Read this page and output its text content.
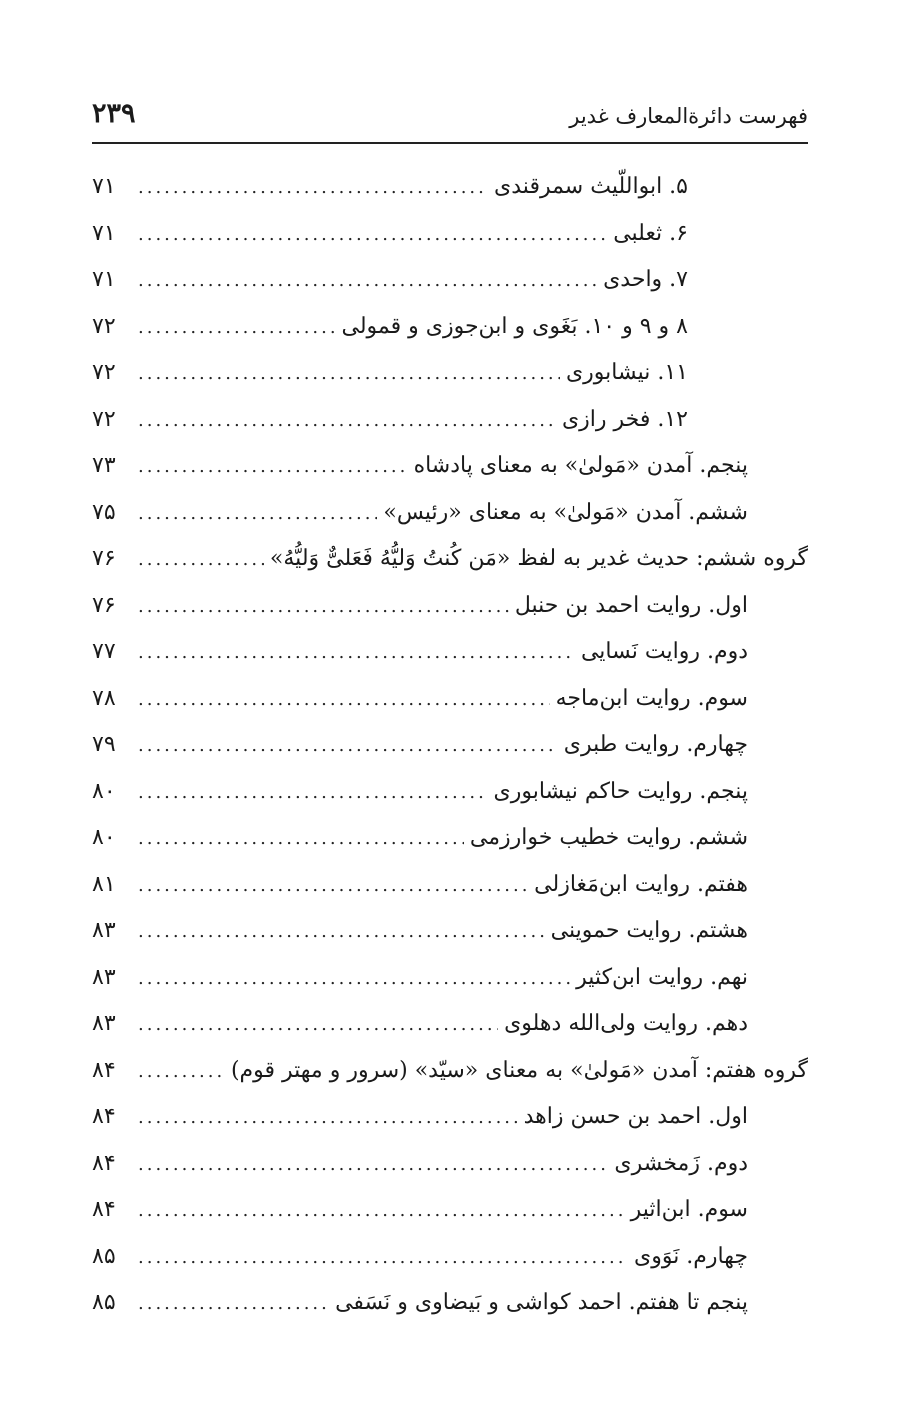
فهرست دائرةالمعارف غدیر
۲۳۹
۵. ابواللّیث سمرقندی
.....
۷۱
۶. ثعلبی
.....
۷۱
۷. واحدی
.....
۷۱
۸ و ۹ و ۱۰. بَغَوی و ابن‌جوزی و قمولی
.....
۷۲
۱۱. نیشابوری
.....
۷۲
۱۲. فخر رازی
.....
۷۲
پنجم. آمدن «مَولیٰ» به معنای پادشاه
.....
۷۳
ششم. آمدن «مَولیٰ» به معنای «رئیس»
.....
۷۵
گروه ششم: حدیث غدیر به لفظ «مَن کُنتُ وَلیُّهُ فَعَلیٌّ وَلیُّهُ»
.....
۷۶
اول. روایت احمد بن حنبل
.....
۷۶
دوم. روایت نَسایی
.....
۷۷
سوم. روایت ابن‌ماجه
.....
۷۸
چهارم. روایت طبری
.....
۷۹
پنجم. روایت حاکم نیشابوری
.....
۸۰
ششم. روایت خطیب خوارزمی
.....
۸۰
هفتم. روایت ابن‌مَغازلی
.....
۸۱
هشتم. روایت حموینی
.....
۸۳
نهم. روایت ابن‌کثیر
.....
۸۳
دهم. روایت ولی‌الله دهلوی
.....
۸۳
گروه هفتم: آمدن «مَولیٰ» به معنای «سیّد» (سرور و مهتر قوم)
.....
۸۴
اول. احمد بن حسن زاهد
.....
۸۴
دوم. زَمخشری
.....
۸۴
سوم. ابن‌اثیر
.....
۸۴
چهارم. نَوَوی
.....
۸۵
پنجم تا هفتم. احمد کواشی و بَیضاوی و نَسَفی
.....
۸۵
